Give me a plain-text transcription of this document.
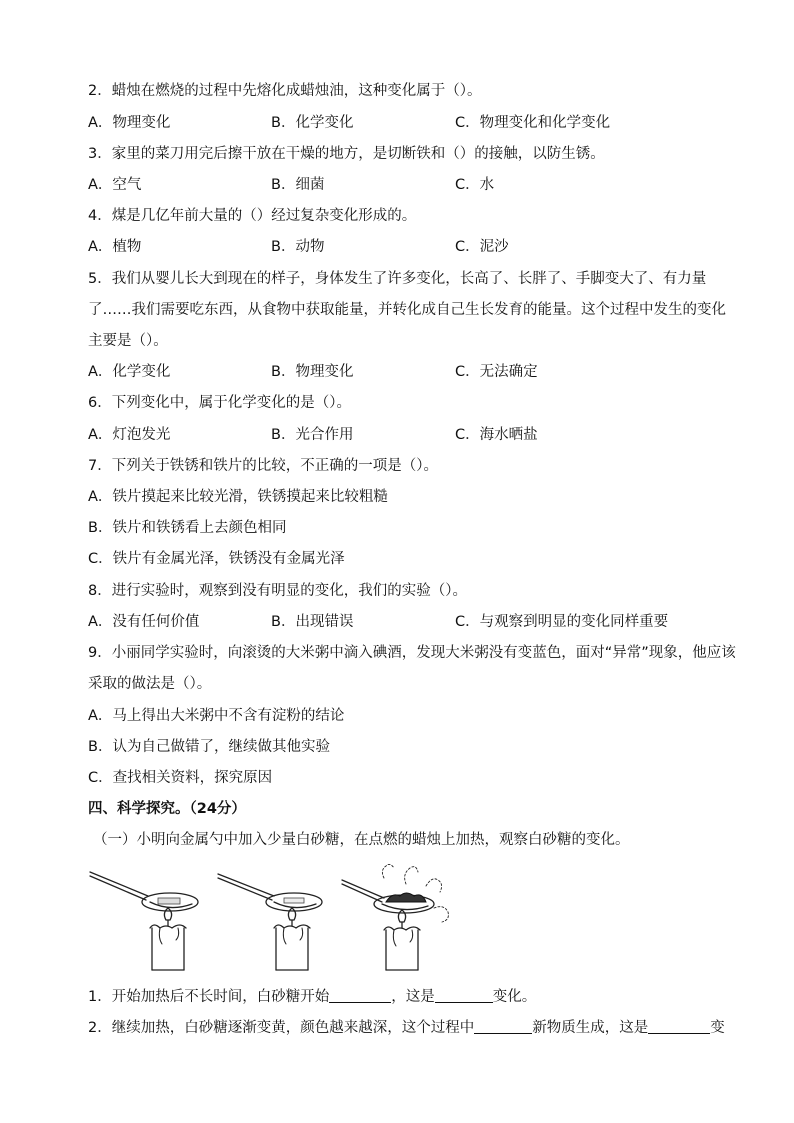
2．蜡烛在燃烧的过程中先熔化成蜡烛油，这种变化属于（）。
A．物理变化	B．化学变化	C．物理变化和化学变化
3．家里的菜刀用完后擦干放在干燥的地方，是切断铁和（）的接触，以防生锈。
A．空气	B．细菌	C．水
4．煤是几亿年前大量的（）经过复杂变化形成的。
A．植物	B．动物	C．泥沙
5．我们从婴儿长大到现在的样子，身体发生了许多变化，长高了、长胖了、手脚变大了、有力量
了……我们需要吃东西，从食物中获取能量，并转化成自己生长发育的能量。这个过程中发生的变化
主要是（）。
A．化学变化	B．物理变化	C．无法确定
6．下列变化中，属于化学变化的是（）。
A．灯泡发光	B．光合作用	C．海水晒盐
7．下列关于铁锈和铁片的比较，不正确的一项是（）。
A．铁片摸起来比较光滑，铁锈摸起来比较粗糙
B．铁片和铁锈看上去颜色相同
C．铁片有金属光泽，铁锈没有金属光泽
8．进行实验时，观察到没有明显的变化，我们的实验（）。
A．没有任何价值	B．出现错误	C．与观察到明显的变化同样重要
9．小丽同学实验时，向滚烫的大米粥中滴入碘酒，发现大米粥没有变蓝色，面对“异常”现象，他应该
采取的做法是（）。
A．马上得出大米粥中不含有淀粉的结论
B．认为自己做错了，继续做其他实验
C．查找相关资料，探究原因
四、科学探究。（24分）
（一）小明向金属勺中加入少量白砂糖，在点燃的蜡烛上加热，观察白砂糖的变化。
1．开始加热后不长时间，白砂糖开始	，这是	变化。
2．继续加热，白砂糖逐渐变黄，颜色越来越深，这个过程中	新物质生成，这是	变
